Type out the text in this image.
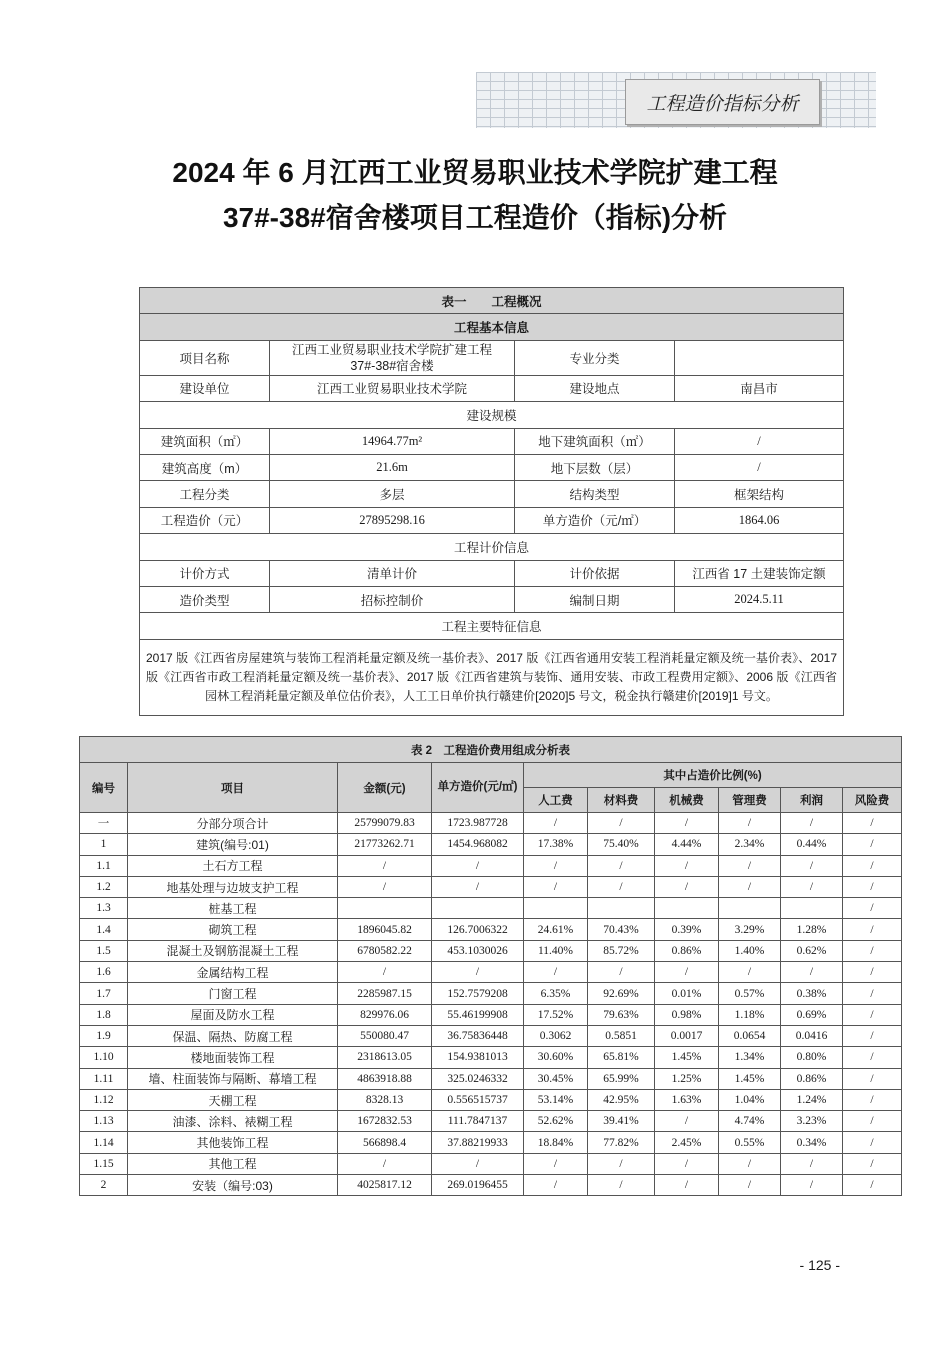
工程造价指标分析
2024 年 6 月江西工业贸易职业技术学院扩建工程
37#-38#宿舍楼项目工程造价（指标)分析
表一　　工程概况			
工程基本信息			
项目名称	江西工业贸易职业技术学院扩建工程37#-38#宿舍楼	专业分类	
建设单位	江西工业贸易职业技术学院	建设地点	南昌市
建设规模			
建筑面积（㎡）	14964.77m²	地下建筑面积（㎡）	/
建筑高度（m）	21.6m	地下层数（层）	/
工程分类	多层	结构类型	框架结构
工程造价（元）	27895298.16	单方造价（元/㎡）	1864.06
工程计价信息			
计价方式	清单计价	计价依据	江西省 17 土建装饰定额
造价类型	招标控制价	编制日期	2024.5.11
工程主要特征信息			
2017 版《江西省房屋建筑与装饰工程消耗量定额及统一基价表》、2017 版《江西省通用安装工程消耗量定额及统一基价表》、2017 版《江西省市政工程消耗量定额及统一基价表》、2017 版《江西省建筑与装饰、通用安装、市政工程费用定额》、2006 版《江西省园林工程消耗量定额及单位估价表》，人工工日单价执行赣建价[2020]5 号文，税金执行赣建价[2019]1 号文。			
表 2　工程造价费用组成分析表									
编号	项目	金额(元)	单方造价(元/㎡)	其中占造价比例(%)					
				人工费	材料费	机械费	管理费	利润	风险费
一	分部分项合计	25799079.83	1723.987728	/	/	/	/	/	/
1	建筑(编号:01)	21773262.71	1454.968082	17.38%	75.40%	4.44%	2.34%	0.44%	/
1.1	土石方工程	/	/	/	/	/	/	/	/
1.2	地基处理与边坡支护工程	/	/	/	/	/	/	/	/
1.3	桩基工程								/
1.4	砌筑工程	1896045.82	126.7006322	24.61%	70.43%	0.39%	3.29%	1.28%	/
1.5	混凝土及钢筋混凝土工程	6780582.22	453.1030026	11.40%	85.72%	0.86%	1.40%	0.62%	/
1.6	金属结构工程	/	/	/	/	/	/	/	/
1.7	门窗工程	2285987.15	152.7579208	6.35%	92.69%	0.01%	0.57%	0.38%	/
1.8	屋面及防水工程	829976.06	55.46199908	17.52%	79.63%	0.98%	1.18%	0.69%	/
1.9	保温、隔热、防腐工程	550080.47	36.75836448	0.3062	0.5851	0.0017	0.0654	0.0416	/
1.10	楼地面装饰工程	2318613.05	154.9381013	30.60%	65.81%	1.45%	1.34%	0.80%	/
1.11	墙、柱面装饰与隔断、幕墙工程	4863918.88	325.0246332	30.45%	65.99%	1.25%	1.45%	0.86%	/
1.12	天棚工程	8328.13	0.556515737	53.14%	42.95%	1.63%	1.04%	1.24%	/
1.13	油漆、涂料、裱糊工程	1672832.53	111.7847137	52.62%	39.41%	/	4.74%	3.23%	/
1.14	其他装饰工程	566898.4	37.88219933	18.84%	77.82%	2.45%	0.55%	0.34%	/
1.15	其他工程	/	/	/	/	/	/	/	/
2	安装（编号:03)	4025817.12	269.0196455	/	/	/	/	/	/
- 125 -
